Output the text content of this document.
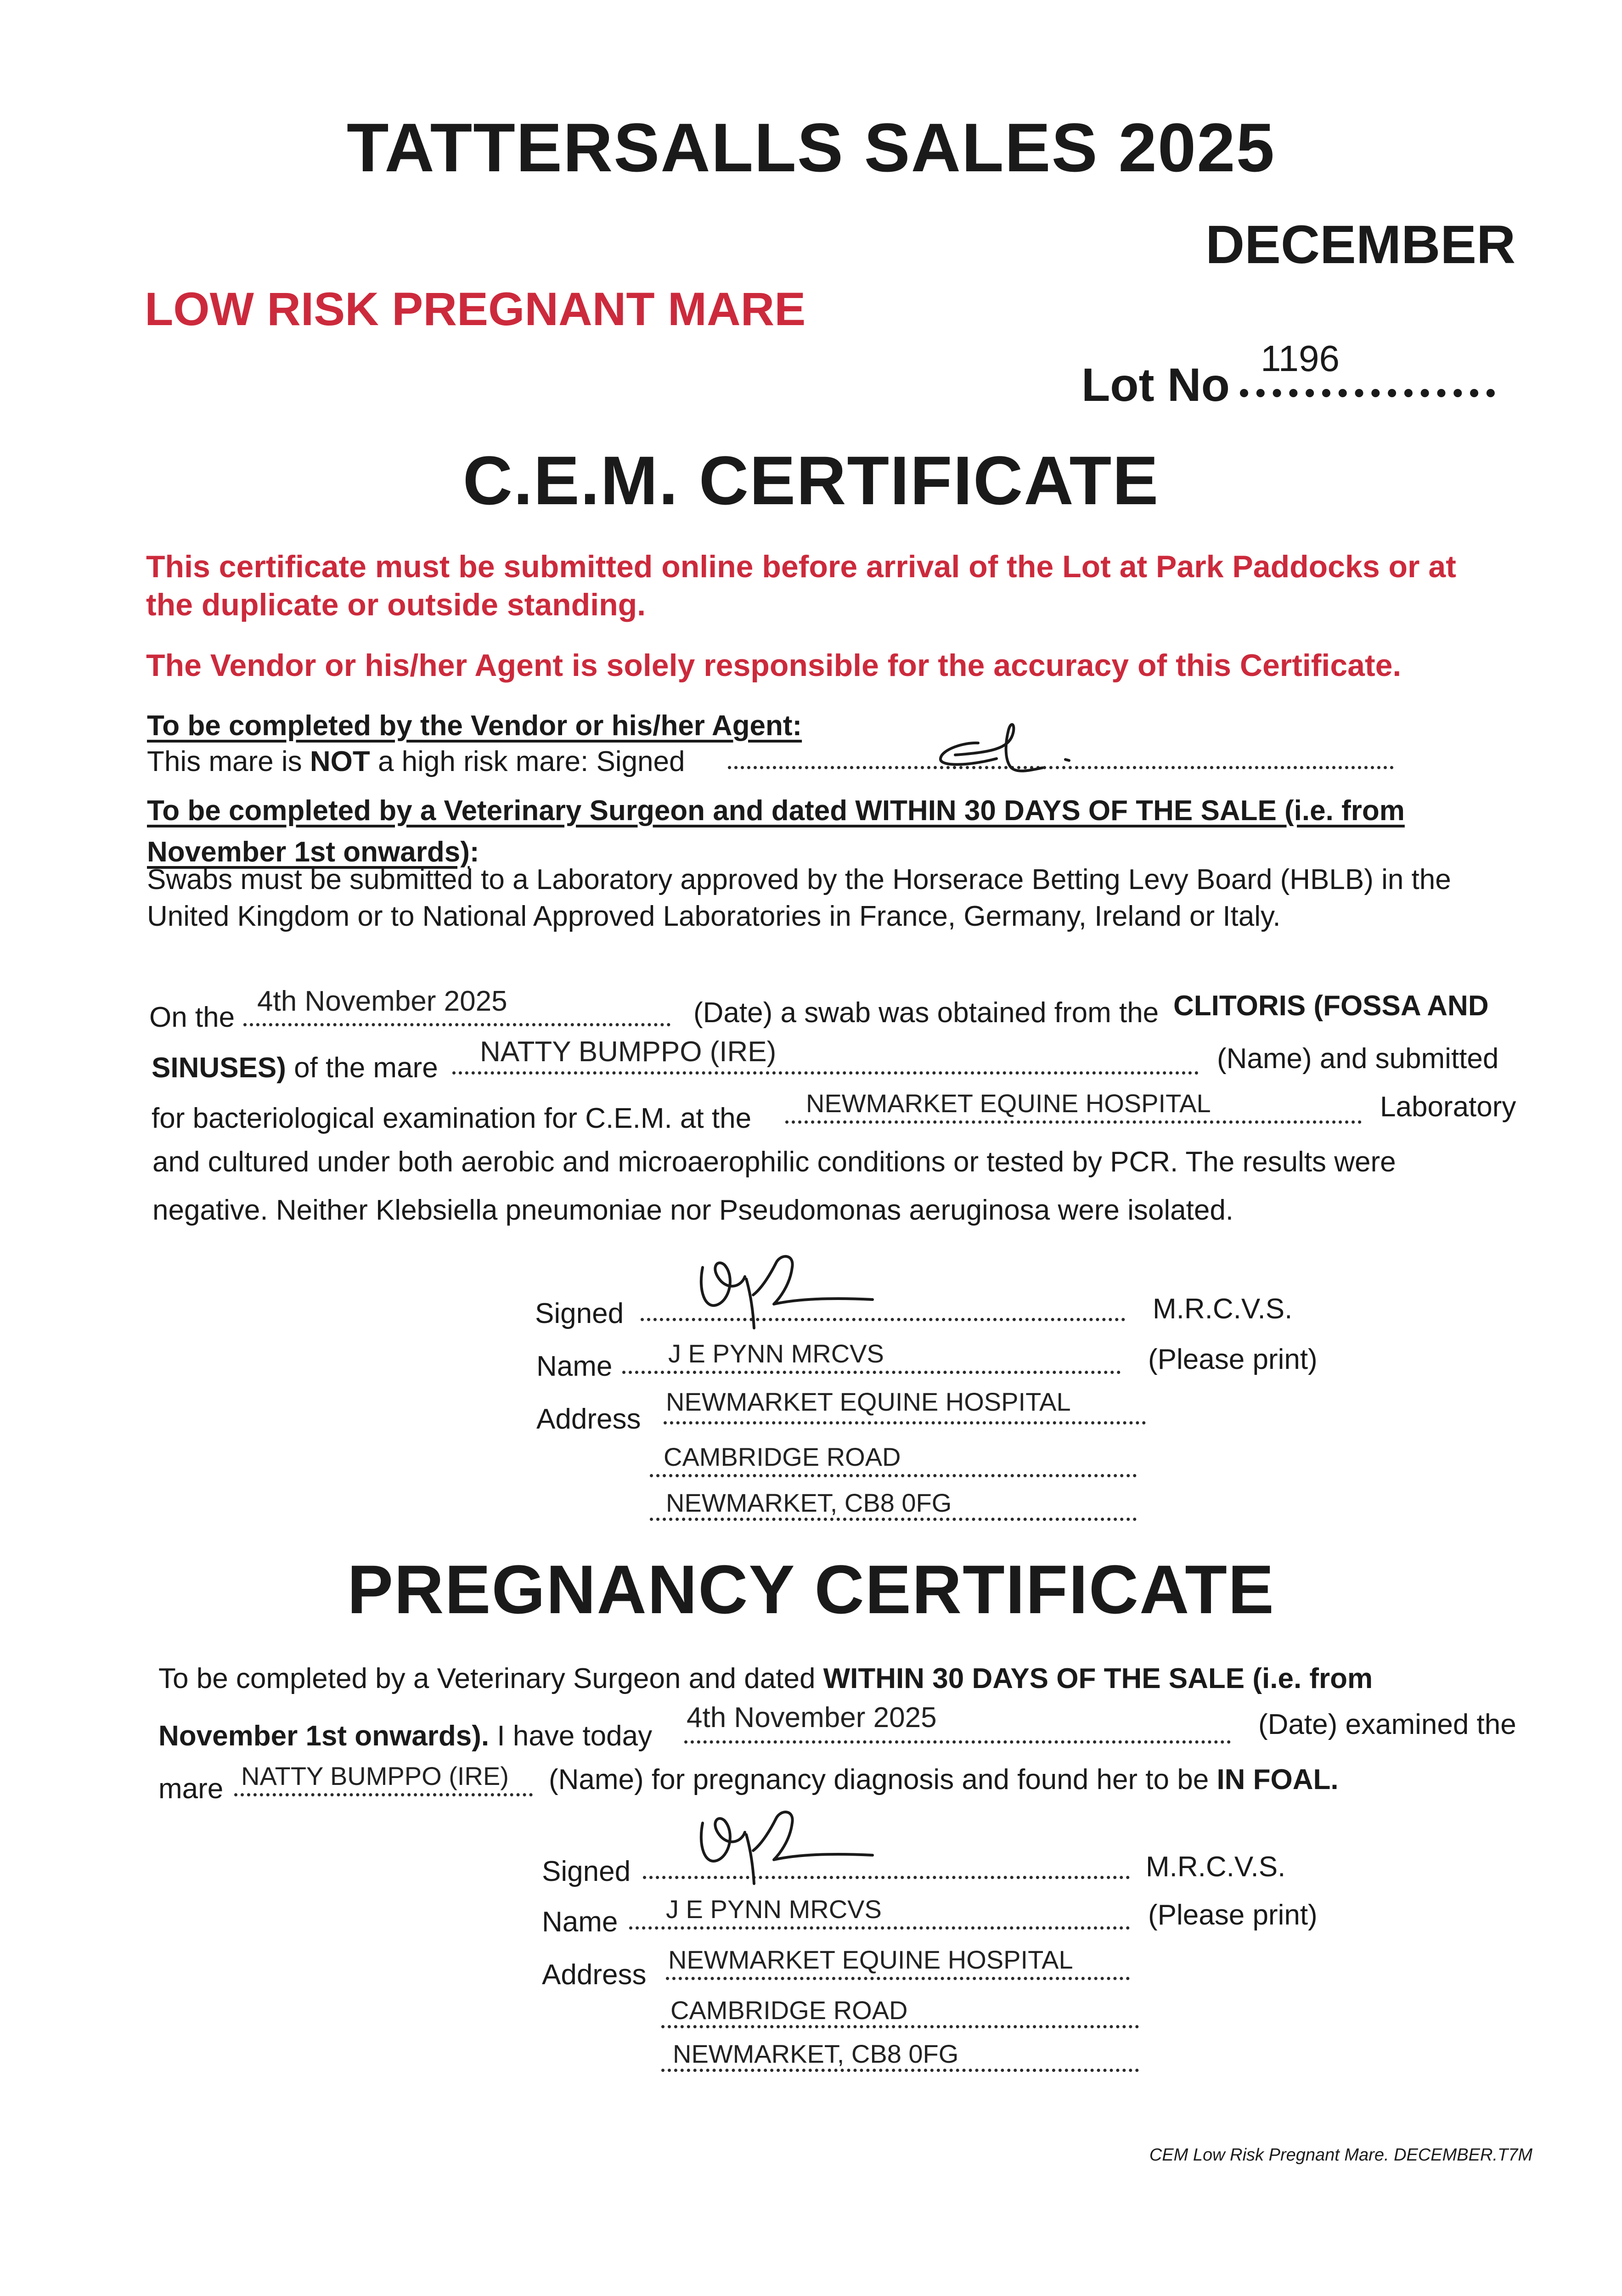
TATTERSALLS SALES 2025
DECEMBER
LOW RISK PREGNANT MARE
Lot No
1196
C.E.M. CERTIFICATE
This certificate must be submitted online before arrival of the Lot at Park Paddocks or at
the duplicate or outside standing.
The Vendor or his/her Agent is solely responsible for the accuracy of this Certificate.
To be completed by the Vendor or his/her Agent:
This mare is NOT a high risk mare: Signed
To be completed by a Veterinary Surgeon and dated WITHIN 30 DAYS OF THE SALE (i.e. from
November 1st onwards):
Swabs must be submitted to a Laboratory approved by the Horserace Betting Levy Board (HBLB) in the
United Kingdom or to National Approved Laboratories in France, Germany, Ireland or Italy.
On the
4th November 2025	(Date) a swab was obtained from the CLITORIS (FOSSA AND
SINUSES) of the mare
NATTY BUMPPO (IRE)	(Name) and submitted
for bacteriological examination for C.E.M. at the NEWMARKET EQUINE HOSPITAL	Laboratory
and cultured under both aerobic and microaerophilic conditions or tested by PCR. The results were
negative. Neither Klebsiella pneumoniae nor Pseudomonas aeruginosa were isolated.
Signed	M.R.C.V.S.
Name J E PYNN MRCVS	(Please print)
Address
NEWMARKET EQUINE HOSPITAL
CAMBRIDGE ROAD
NEWMARKET, CB8 0FG
PREGNANCY CERTIFICATE
To be completed by a Veterinary Surgeon and dated WITHIN 30 DAYS OF THE SALE (i.e. from
November 1st onwards). I have today
4th November 2025	(Date) examined the
mare NATTY BUMPPO (IRE) (Name) for pregnancy diagnosis and found her to be IN FOAL.
Signed	M.R.C.V.S.
Name J E PYNN MRCVS	(Please print)
Address NEWMARKET EQUINE HOSPITAL
CAMBRIDGE ROAD
NEWMARKET, CB8 0FG
CEM Low Risk Pregnant Mare. DECEMBER.T7M
